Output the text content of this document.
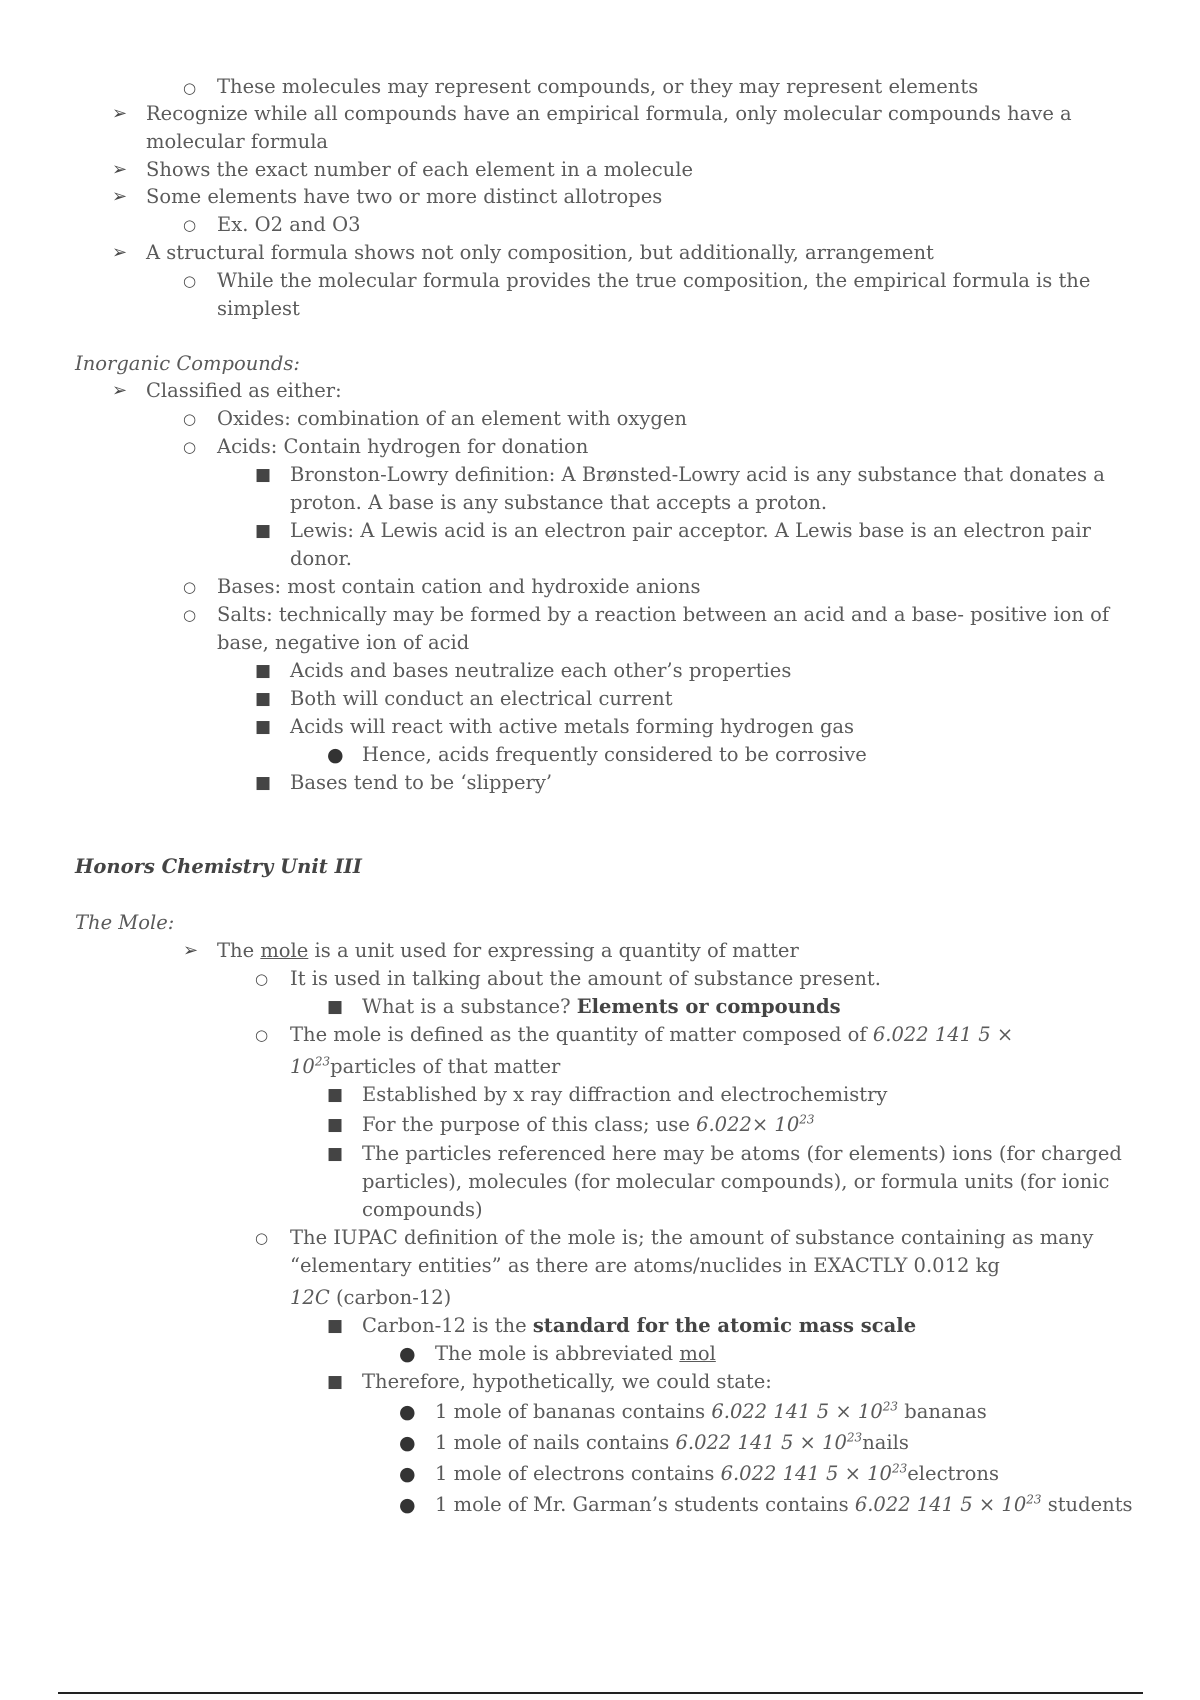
○ These molecules may represent compounds, or they may represent elements
➢ Recognize while all compounds have an empirical formula, only molecular compounds have a
molecular formula
➢ Shows the exact number of each element in a molecule
➢ Some elements have two or more distinct allotropes
○ Ex. O2 and O3
➢ A structural formula shows not only composition, but additionally, arrangement
○ While the molecular formula provides the true composition, the empirical formula is the
simplest
Inorganic Compounds:
➢ Classified as either:
○ Oxides: combination of an element with oxygen
○ Acids: Contain hydrogen for donation
■ Bronston-Lowry definition: A Brønsted-Lowry acid is any substance that donates a
proton. A base is any substance that accepts a proton.
■ Lewis: A Lewis acid is an electron pair acceptor. A Lewis base is an electron pair
donor.
○ Bases: most contain cation and hydroxide anions
○ Salts: technically may be formed by a reaction between an acid and a base- positive ion of
base, negative ion of acid
■ Acids and bases neutralize each other’s properties
■ Both will conduct an electrical current
■ Acids will react with active metals forming hydrogen gas
● Hence, acids frequently considered to be corrosive
■ Bases tend to be ‘slippery’
Honors Chemistry Unit III
The Mole:
➢ The mole is a unit used for expressing a quantity of matter
○ It is used in talking about the amount of substance present.
■ What is a substance? Elements or compounds
○ The mole is defined as the quantity of matter composed of 6.022 141 5 ×
$10^{23}particles$ of that matter
■ Established by x ray diffraction and electrochemistry
■ For the purpose of this class; use $6.022\times 10^{23}$
■ The particles referenced here may be atoms (for elements) ions (for charged
particles), molecules (for molecular compounds), or formula units (for ionic
compounds)
○ The IUPAC definition of the mole is; the amount of substance containing as many
“elementary entities” as there are atoms/nuclides in EXACTLY 0.012 kg
12𝐶 (carbon-12)
■ Carbon-12 is the standard for the atomic mass scale
● The mole is abbreviated mol
■ Therefore, hypothetically, we could state:
● 1 mole of bananas contains 6.022 141 $5 \times 10^{23}$ bananas
● 1 mole of nails contains 6.022 141 $5 \times 10^{23}nails$
● 1 mole of electrons contains 6.022 141 $5 \times 10^{23}electrons$
● 1 mole of Mr. Garman’s students contains 6.022 141 $5 \times 10^{23}$ students
